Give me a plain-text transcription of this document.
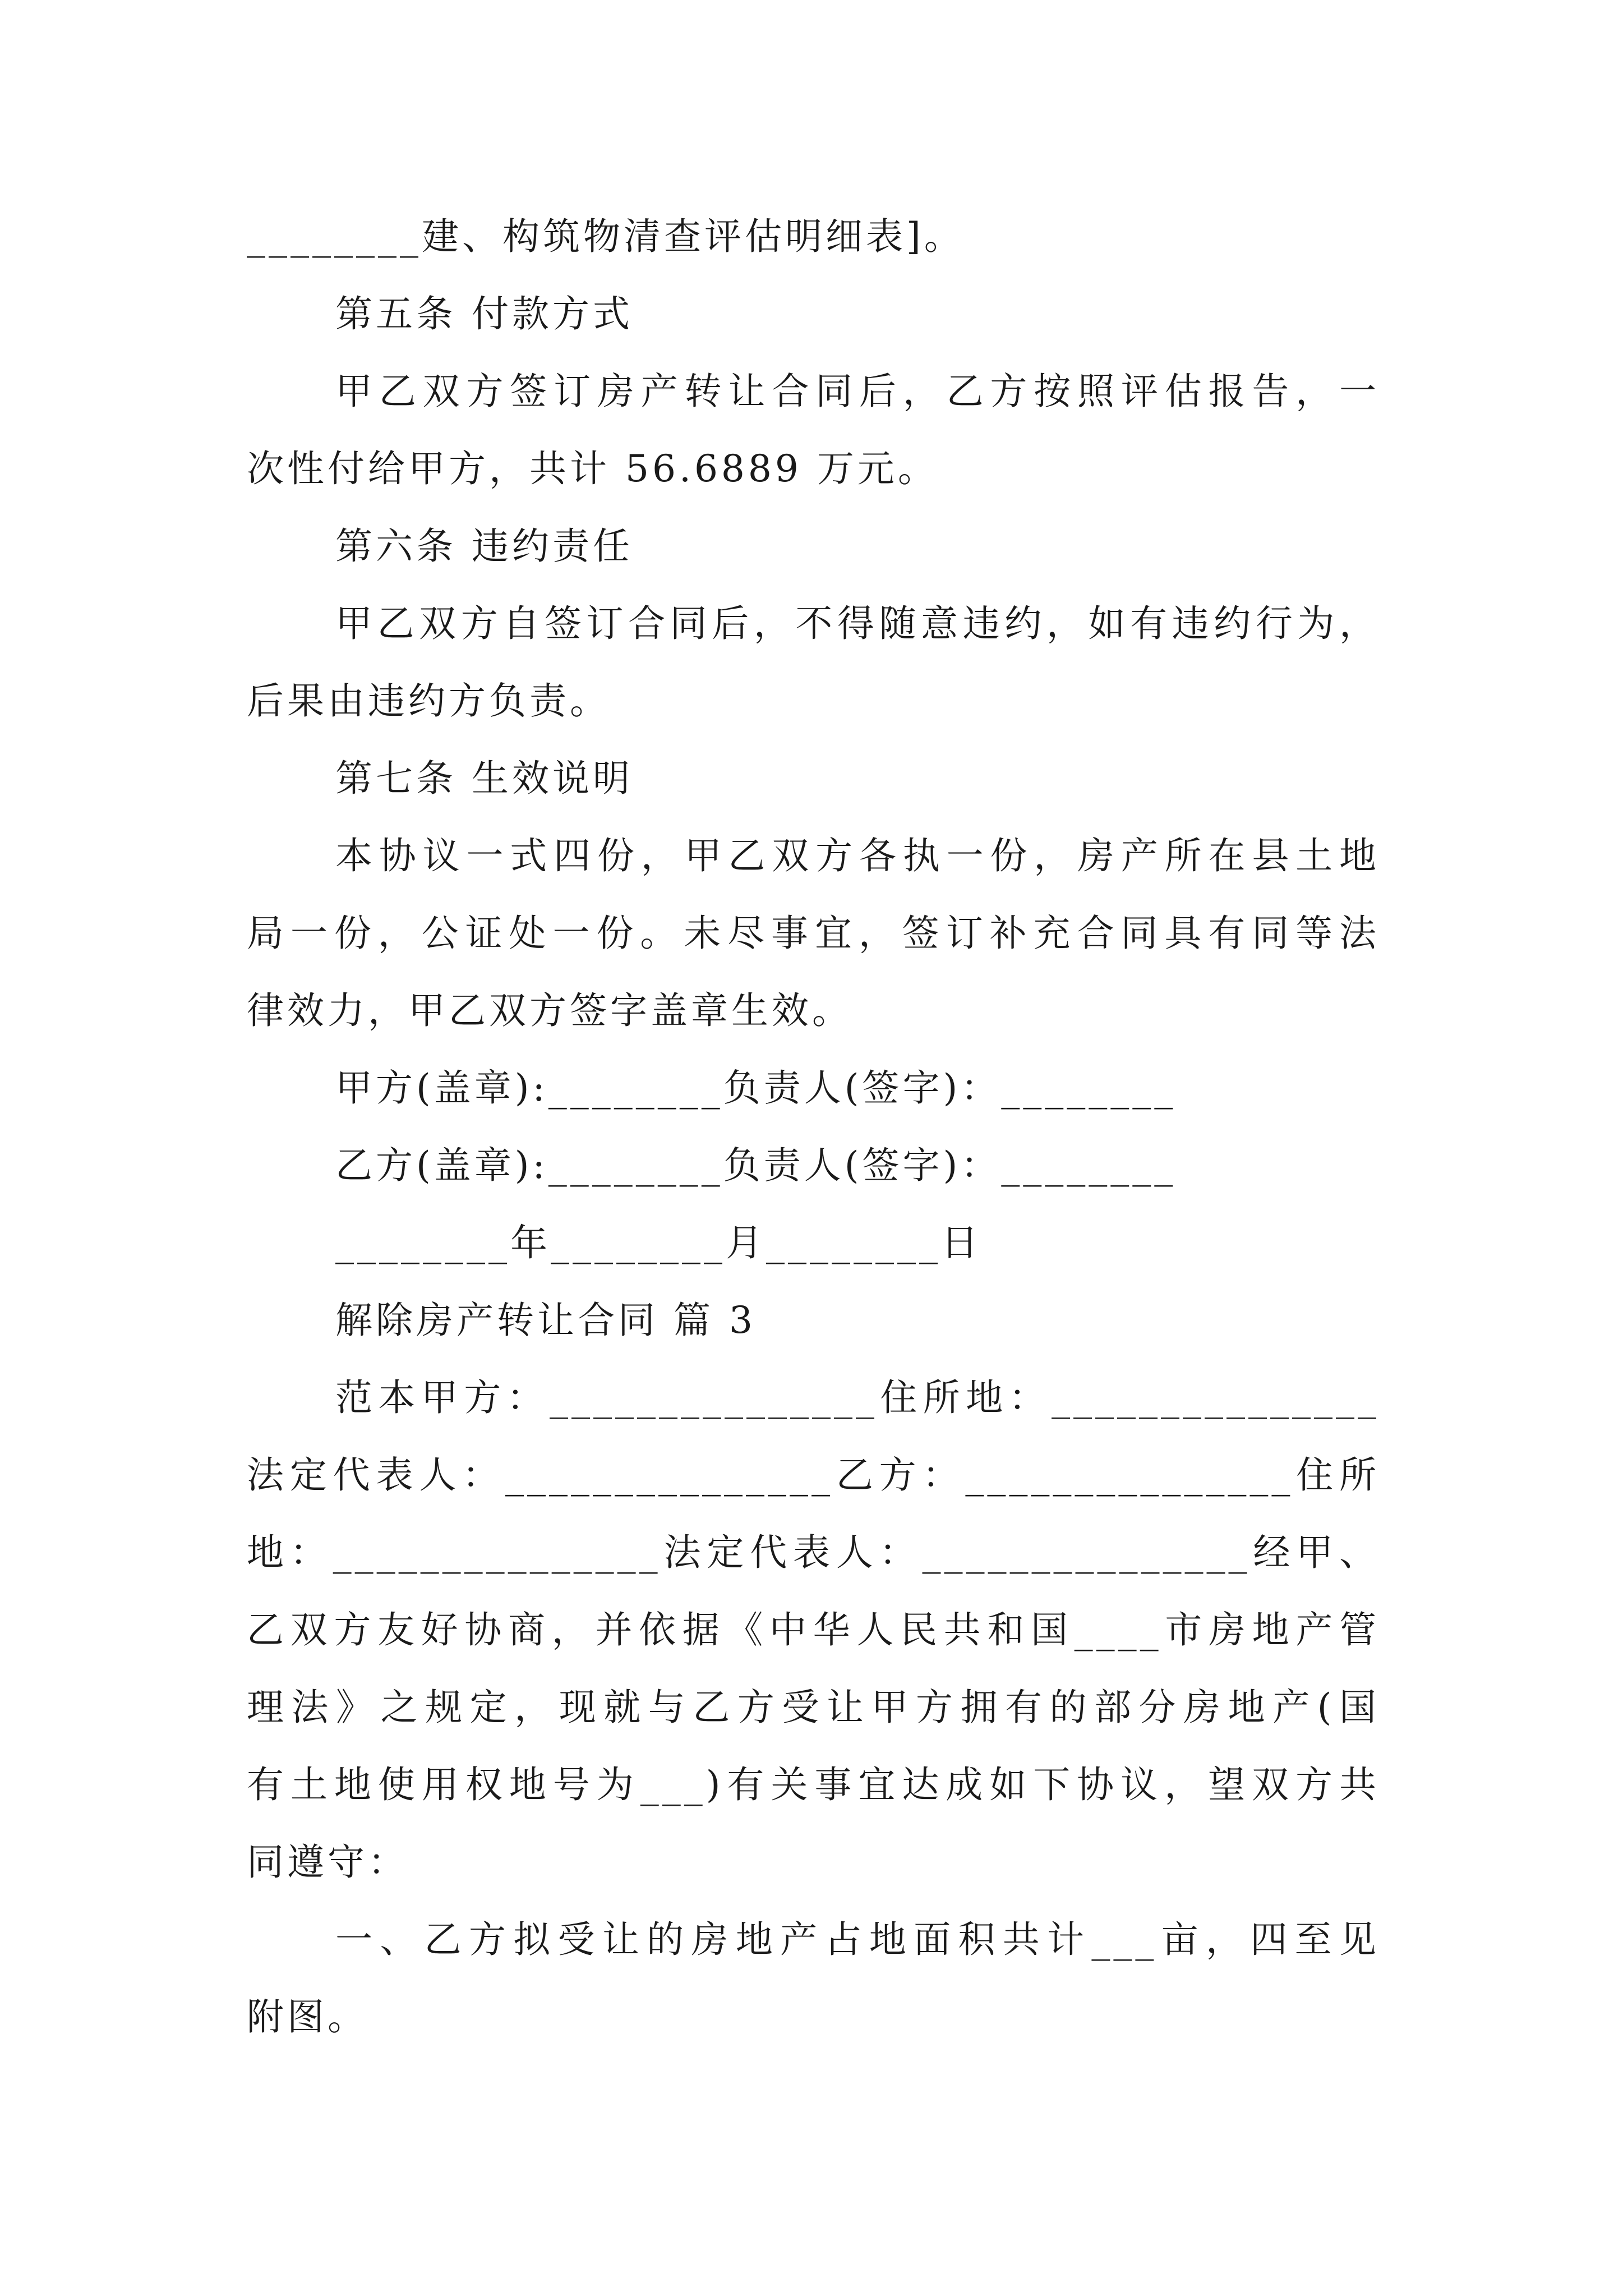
________建、构筑物清查评估明细表]。
第五条 付款方式
甲乙双方签订房产转让合同后，乙方按照评估报告，一
次性付给甲方，共计 56.6889 万元。
第六条 违约责任
甲乙双方自签订合同后，不得随意违约，如有违约行为，
后果由违约方负责。
第七条 生效说明
本协议一式四份，甲乙双方各执一份，房产所在县土地
局一份，公证处一份。未尽事宜，签订补充合同具有同等法
律效力，甲乙双方签字盖章生效。
甲方(盖章):________负责人(签字)：________
乙方(盖章):________负责人(签字)：________
________年________月________日
解除房产转让合同 篇 3
范本甲方：_______________住所地：_______________
法定代表人：_______________乙方：_______________住所
地：_______________法定代表人：_______________经甲、
乙双方友好协商，并依据《中华人民共和国____市房地产管
理法》之规定，现就与乙方受让甲方拥有的部分房地产(国
有土地使用权地号为___)有关事宜达成如下协议，望双方共
同遵守：
一、乙方拟受让的房地产占地面积共计___亩，四至见
附图。
